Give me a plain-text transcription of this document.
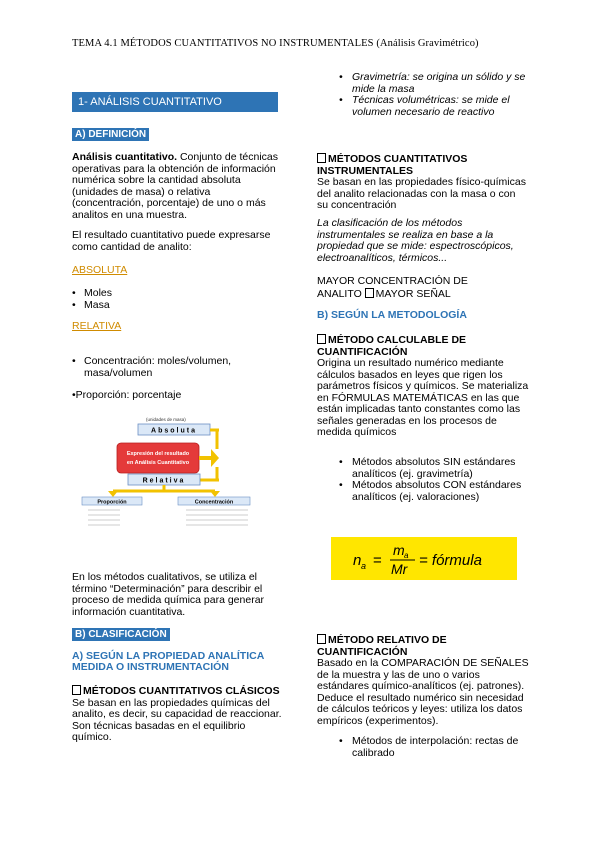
TEMA 4.1 MÉTODOS CUANTITATIVOS NO INSTRUMENTALES (Análisis Gravimétrico)
1- ANÁLISIS CUANTITATIVO
A) DEFINICIÓN
Análisis cuantitativo. Conjunto de técnicas operativas para la obtención de información numérica sobre la cantidad absoluta (unidades de masa) o relativa (concentración, porcentaje) de uno o más analitos en una muestra.
El resultado cuantitativo puede expresarse como cantidad de analito:
ABSOLUTA
• Moles
• Masa
RELATIVA
• Concentración: moles/volumen, masa/volumen
•Proporción: porcentaje
(unidades de masa)
Absoluta
Expresión del resultado
en Análisis Cuantitativo
Relativa
Proporción	Concentración
En los métodos cualitativos, se utiliza el término “Determinación” para describir el proceso de medida química para generar información cuantitativa.
B) CLASIFICACIÓN
A) SEGÚN LA PROPIEDAD ANALÍTICA MEDIDA O INSTRUMENTACIÓN
MÉTODOS CUANTITATIVOS CLÁSICOS
Se basan en las propiedades químicas del analito, es decir, su capacidad de reaccionar. Son técnicas basadas en el equilibrio químico.
• Gravimetría: se origina un sólido y se mide la masa
• Técnicas volumétricas: se mide el volumen necesario de reactivo
MÉTODOS CUANTITATIVOS INSTRUMENTALES
Se basan en las propiedades físico-químicas del analito relacionadas con la masa o con su concentración
La clasificación de los métodos instrumentales se realiza en base a la propiedad que se mide: espectroscópicos, electroanalíticos, térmicos...
MAYOR CONCENTRACIÓN DE
ANALITO MAYOR SEÑAL
B) SEGÚN LA METODOLOGÍA
MÉTODO CALCULABLE DE CUANTIFICACIÓN
Origina un resultado numérico mediante cálculos basados en leyes que rigen los parámetros físicos y químicos. Se materializa en FÓRMULAS MATEMÁTICAS en las que están implicadas tanto constantes como las señales generadas en los procesos de medida químicos
• Métodos absolutos SIN estándares analíticos (ej. gravimetría)
• Métodos absolutos CON estándares analíticos (ej. valoraciones)
n a =
m a
Mr = fórmula
MÉTODO RELATIVO DE CUANTIFICACIÓN
Basado en la COMPARACIÓN DE SEÑALES de la muestra y las de uno o varios estándares químico-analíticos (ej. patrones). Deduce el resultado numérico sin necesidad de cálculos teóricos y leyes: utiliza los datos empíricos (experimentos).
• Métodos de interpolación: rectas de calibrado
